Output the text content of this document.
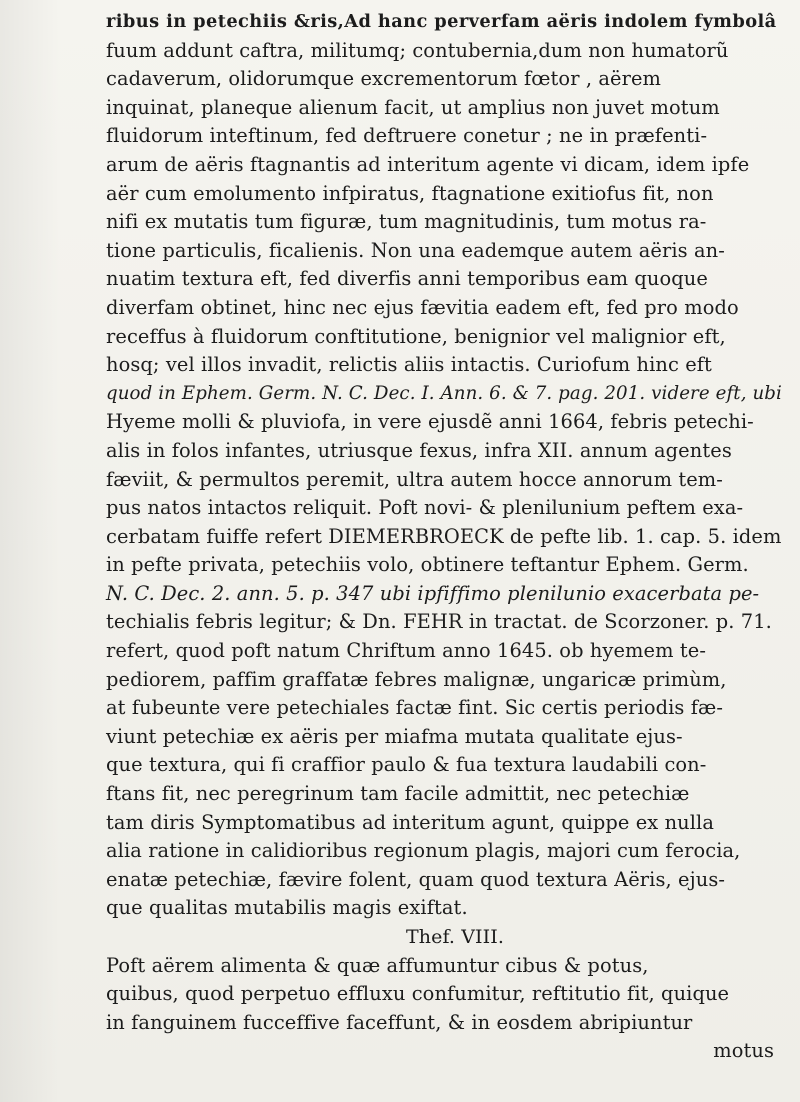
ribus in petechiis &ris,Ad hanc perverfam aëris indolem fymbolâ
fuum addunt caftra, militumq; contubernia,dum non humatorũ
cadaverum, olidorumque excrementorum fœtor , aërem
inquinat, planeque alienum facit, ut amplius non juvet motum
fluidorum inteftinum, fed deftruere conetur ; ne in præfenti-
arum de aëris ftagnantis ad interitum agente vi dicam, idem ipfe
aër cum emolumento infpiratus, ftagnatione exitiofus fit, non
nifi ex mutatis tum figuræ, tum magnitudinis, tum motus ra-
tione particulis, ficalienis. Non una eademque autem aëris an-
nuatim textura eft, fed diverfis anni temporibus eam quoque
diverfam obtinet, hinc nec ejus fævitia eadem eft, fed pro modo
receffus à fluidorum conftitutione, benignior vel malignior eft,
hosq; vel illos invadit, relictis aliis intactis. Curiofum hinc eft
quod in Ephem. Germ. N. C. Dec. I. Ann. 6. & 7. pag. 201. videre eft, ubi
Hyeme molli & pluviofa, in vere ejusdẽ anni 1664, febris petechi-
alis in folos infantes, utriusque fexus, infra XII. annum agentes
fæviit, & permultos peremit, ultra autem hocce annorum tem-
pus natos intactos reliquit. Poft novi- & plenilunium peftem exa-
cerbatam fuiffe refert DIEMERBROECK de pefte lib. 1. cap. 5. idem
in pefte privata, petechiis volo, obtinere teftantur Ephem. Germ.
N. C. Dec. 2. ann. 5. p. 347 ubi ipfiffimo plenilunio exacerbata pe-
techialis febris legitur; & Dn. FEHR in tractat. de Scorzoner. p. 71.
refert, quod poft natum Chriftum anno 1645. ob hyemem te-
pediorem, paffim graffatæ febres malignæ, ungaricæ primùm,
at fubeunte vere petechiales factæ fint. Sic certis periodis fæ-
viunt petechiæ ex aëris per miafma mutata qualitate ejus-
que textura, qui fi craffior paulo & fua textura laudabili con-
ftans fit, nec peregrinum tam facile admittit, nec petechiæ
tam diris Symptomatibus ad interitum agunt, quippe ex nulla
alia ratione in calidioribus regionum plagis, majori cum ferocia,
enatæ petechiæ, fævire folent, quam quod textura Aëris, ejus-
que qualitas mutabilis magis exiftat.
Thef. VIII.
Poft aërem alimenta & quæ affumuntur cibus & potus,
quibus, quod perpetuo effluxu confumitur, reftitutio fit, quique
in fanguinem fucceffive faceffunt, & in eosdem abripiuntur
motus
